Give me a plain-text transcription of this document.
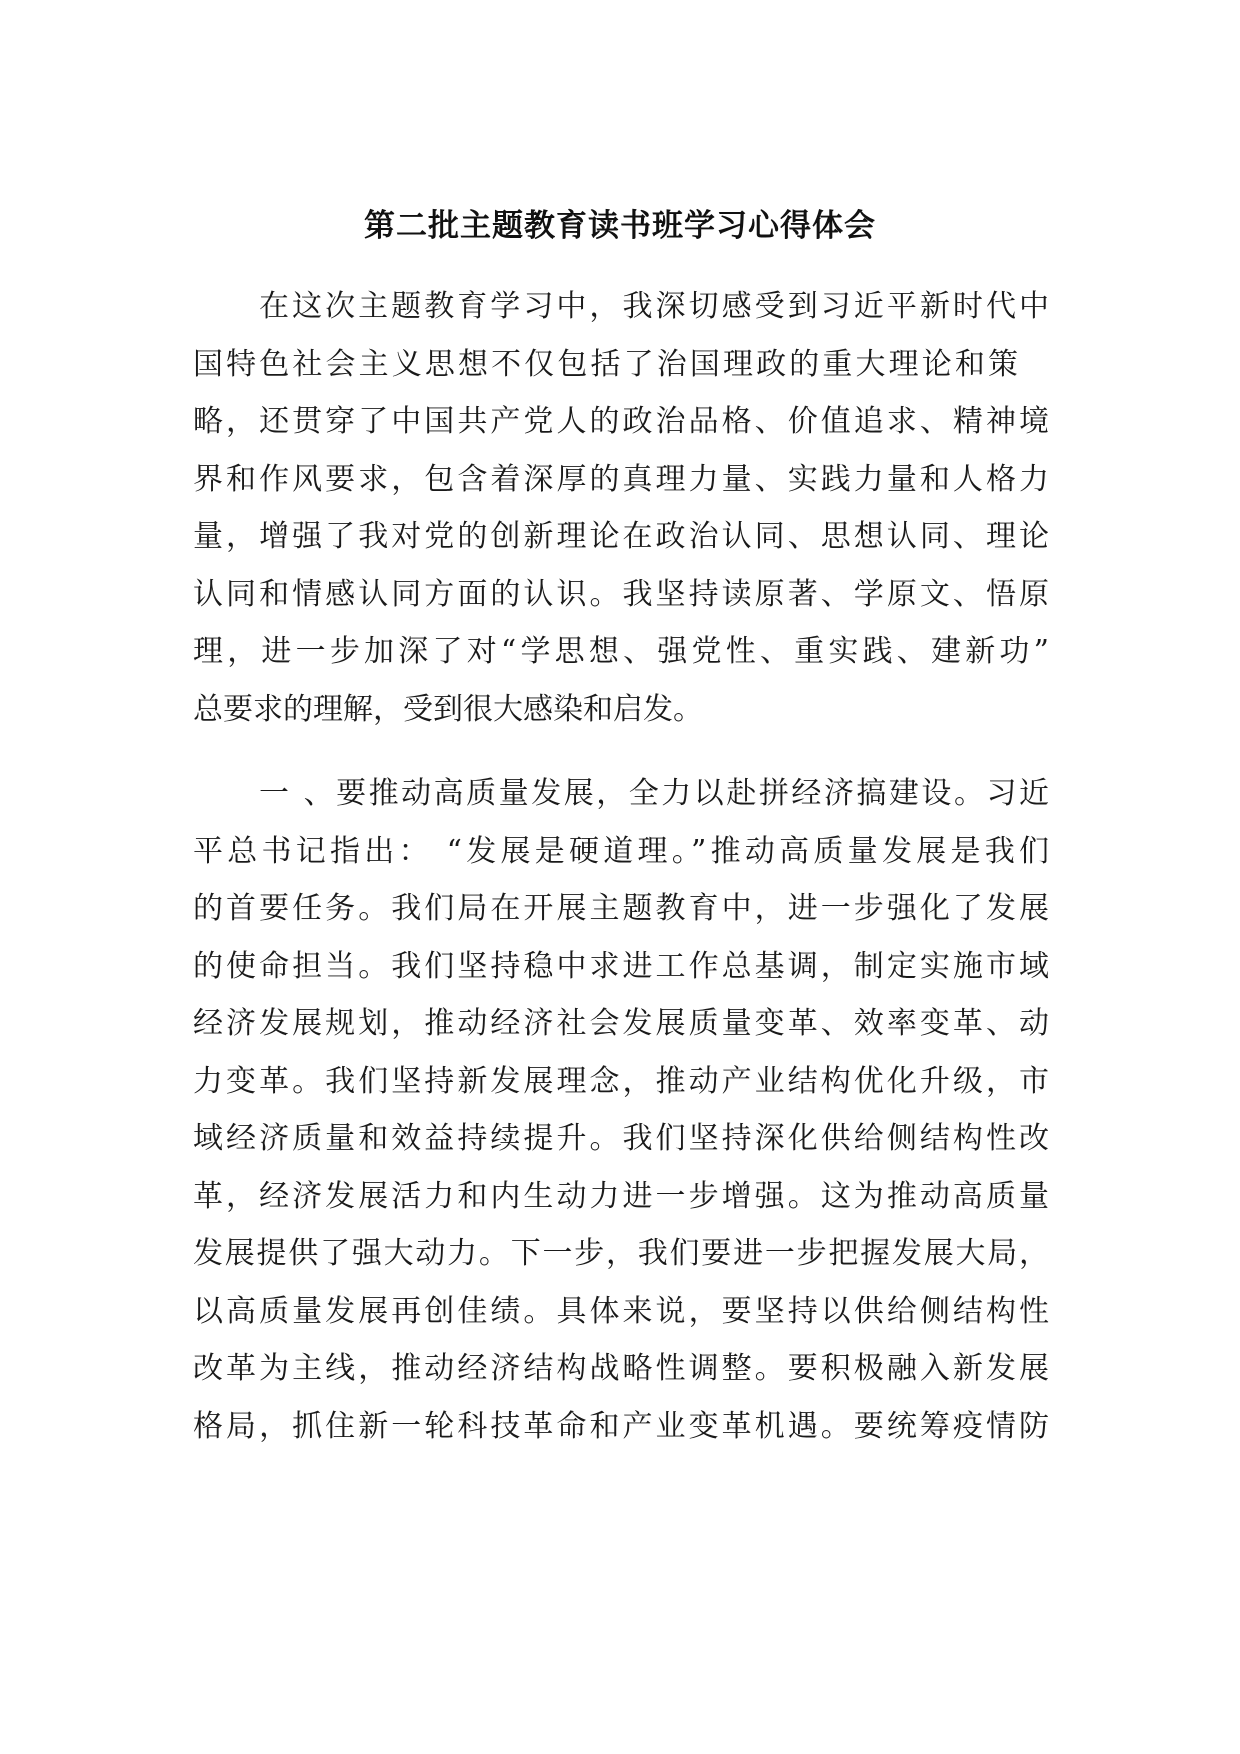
第二批主题教育读书班学习心得体会
在这次主题教育学习中，我深切感受到习近平新时代中
国特色社会主义思想不仅包括了治国理政的重大理论和策
略，还贯穿了中国共产党人的政治品格、价值追求、精神境
界和作风要求，包含着深厚的真理力量、实践力量和人格力
量，增强了我对党的创新理论在政治认同、思想认同、理论
认同和情感认同方面的认识。我坚持读原著、学原文、悟原
理，进一步加深了对“学思想、强党性、重实践、建新功”
总要求的理解，受到很大感染和启发。
一 、要推动高质量发展，全力以赴拼经济搞建设。习近
平总书记指出： “发展是硬道理。”推动高质量发展是我们
的首要任务。我们局在开展主题教育中，进一步强化了发展
的使命担当。我们坚持稳中求进工作总基调，制定实施市域
经济发展规划，推动经济社会发展质量变革、效率变革、动
力变革。我们坚持新发展理念，推动产业结构优化升级，市
域经济质量和效益持续提升。我们坚持深化供给侧结构性改
革，经济发展活力和内生动力进一步增强。这为推动高质量
发展提供了强大动力。下一步，我们要进一步把握发展大局，
以高质量发展再创佳绩。具体来说，要坚持以供给侧结构性
改革为主线，推动经济结构战略性调整。要积极融入新发展
格局，抓住新一轮科技革命和产业变革机遇。要统筹疫情防
